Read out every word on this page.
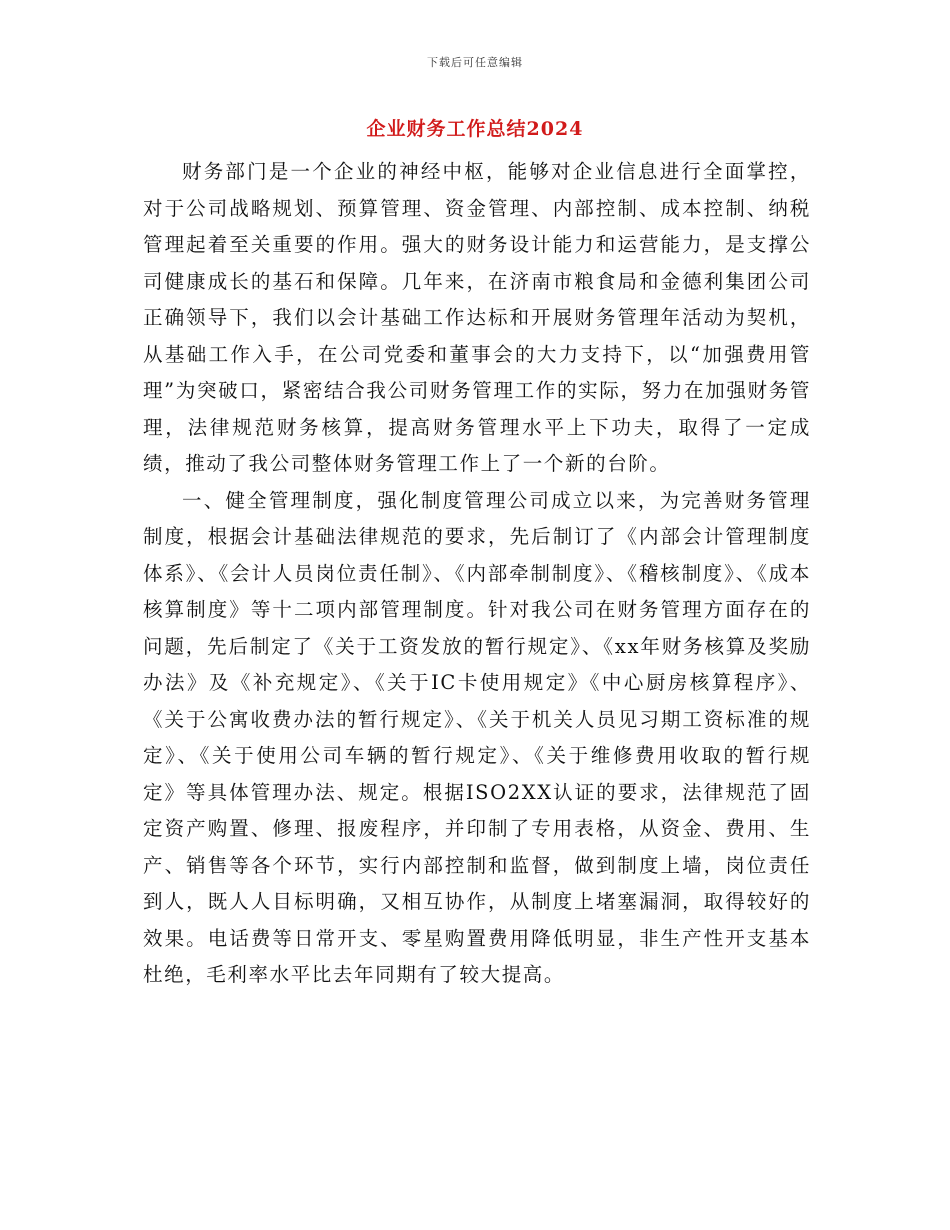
下载后可任意编辑
企业财务工作总结2024

财务部门是一个企业的神经中枢，能够对企业信息进行全面掌控，对于公司战略规划、预算管理、资金管理、内部控制、成本控制、纳税管理起着至关重要的作用。强大的财务设计能力和运营能力，是支撑公司健康成长的基石和保障。几年来，在济南市粮食局和金德利集团公司正确领导下，我们以会计基础工作达标和开展财务管理年活动为契机，从基础工作入手，在公司党委和董事会的大力支持下，以“加强费用管理”为突破口，紧密结合我公司财务管理工作的实际，努力在加强财务管理，法律规范财务核算，提高财务管理水平上下功夫，取得了一定成绩，推动了我公司整体财务管理工作上了一个新的台阶。

一、健全管理制度，强化制度管理公司成立以来，为完善财务管理制度，根据会计基础法律规范的要求，先后制订了《内部会计管理制度体系》、《会计人员岗位责任制》、《内部牵制制度》、《稽核制度》、《成本核算制度》等十二项内部管理制度。针对我公司在财务管理方面存在的问题，先后制定了《关于工资发放的暂行规定》、《xx年财务核算及奖励办法》及《补充规定》、《关于IC卡使用规定》《中心厨房核算程序》、《关于公寓收费办法的暂行规定》、《关于机关人员见习期工资标准的规定》、《关于使用公司车辆的暂行规定》、《关于维修费用收取的暂行规定》等具体管理办法、规定。根据ISO2XX认证的要求，法律规范了固定资产购置、修理、报废程序，并印制了专用表格，从资金、费用、生产、销售等各个环节，实行内部控制和监督，做到制度上墙，岗位责任到人，既人人目标明确，又相互协作，从制度上堵塞漏洞，取得较好的效果。电话费等日常开支、零星购置费用降低明显，非生产性开支基本杜绝，毛利率水平比去年同期有了较大提高。
